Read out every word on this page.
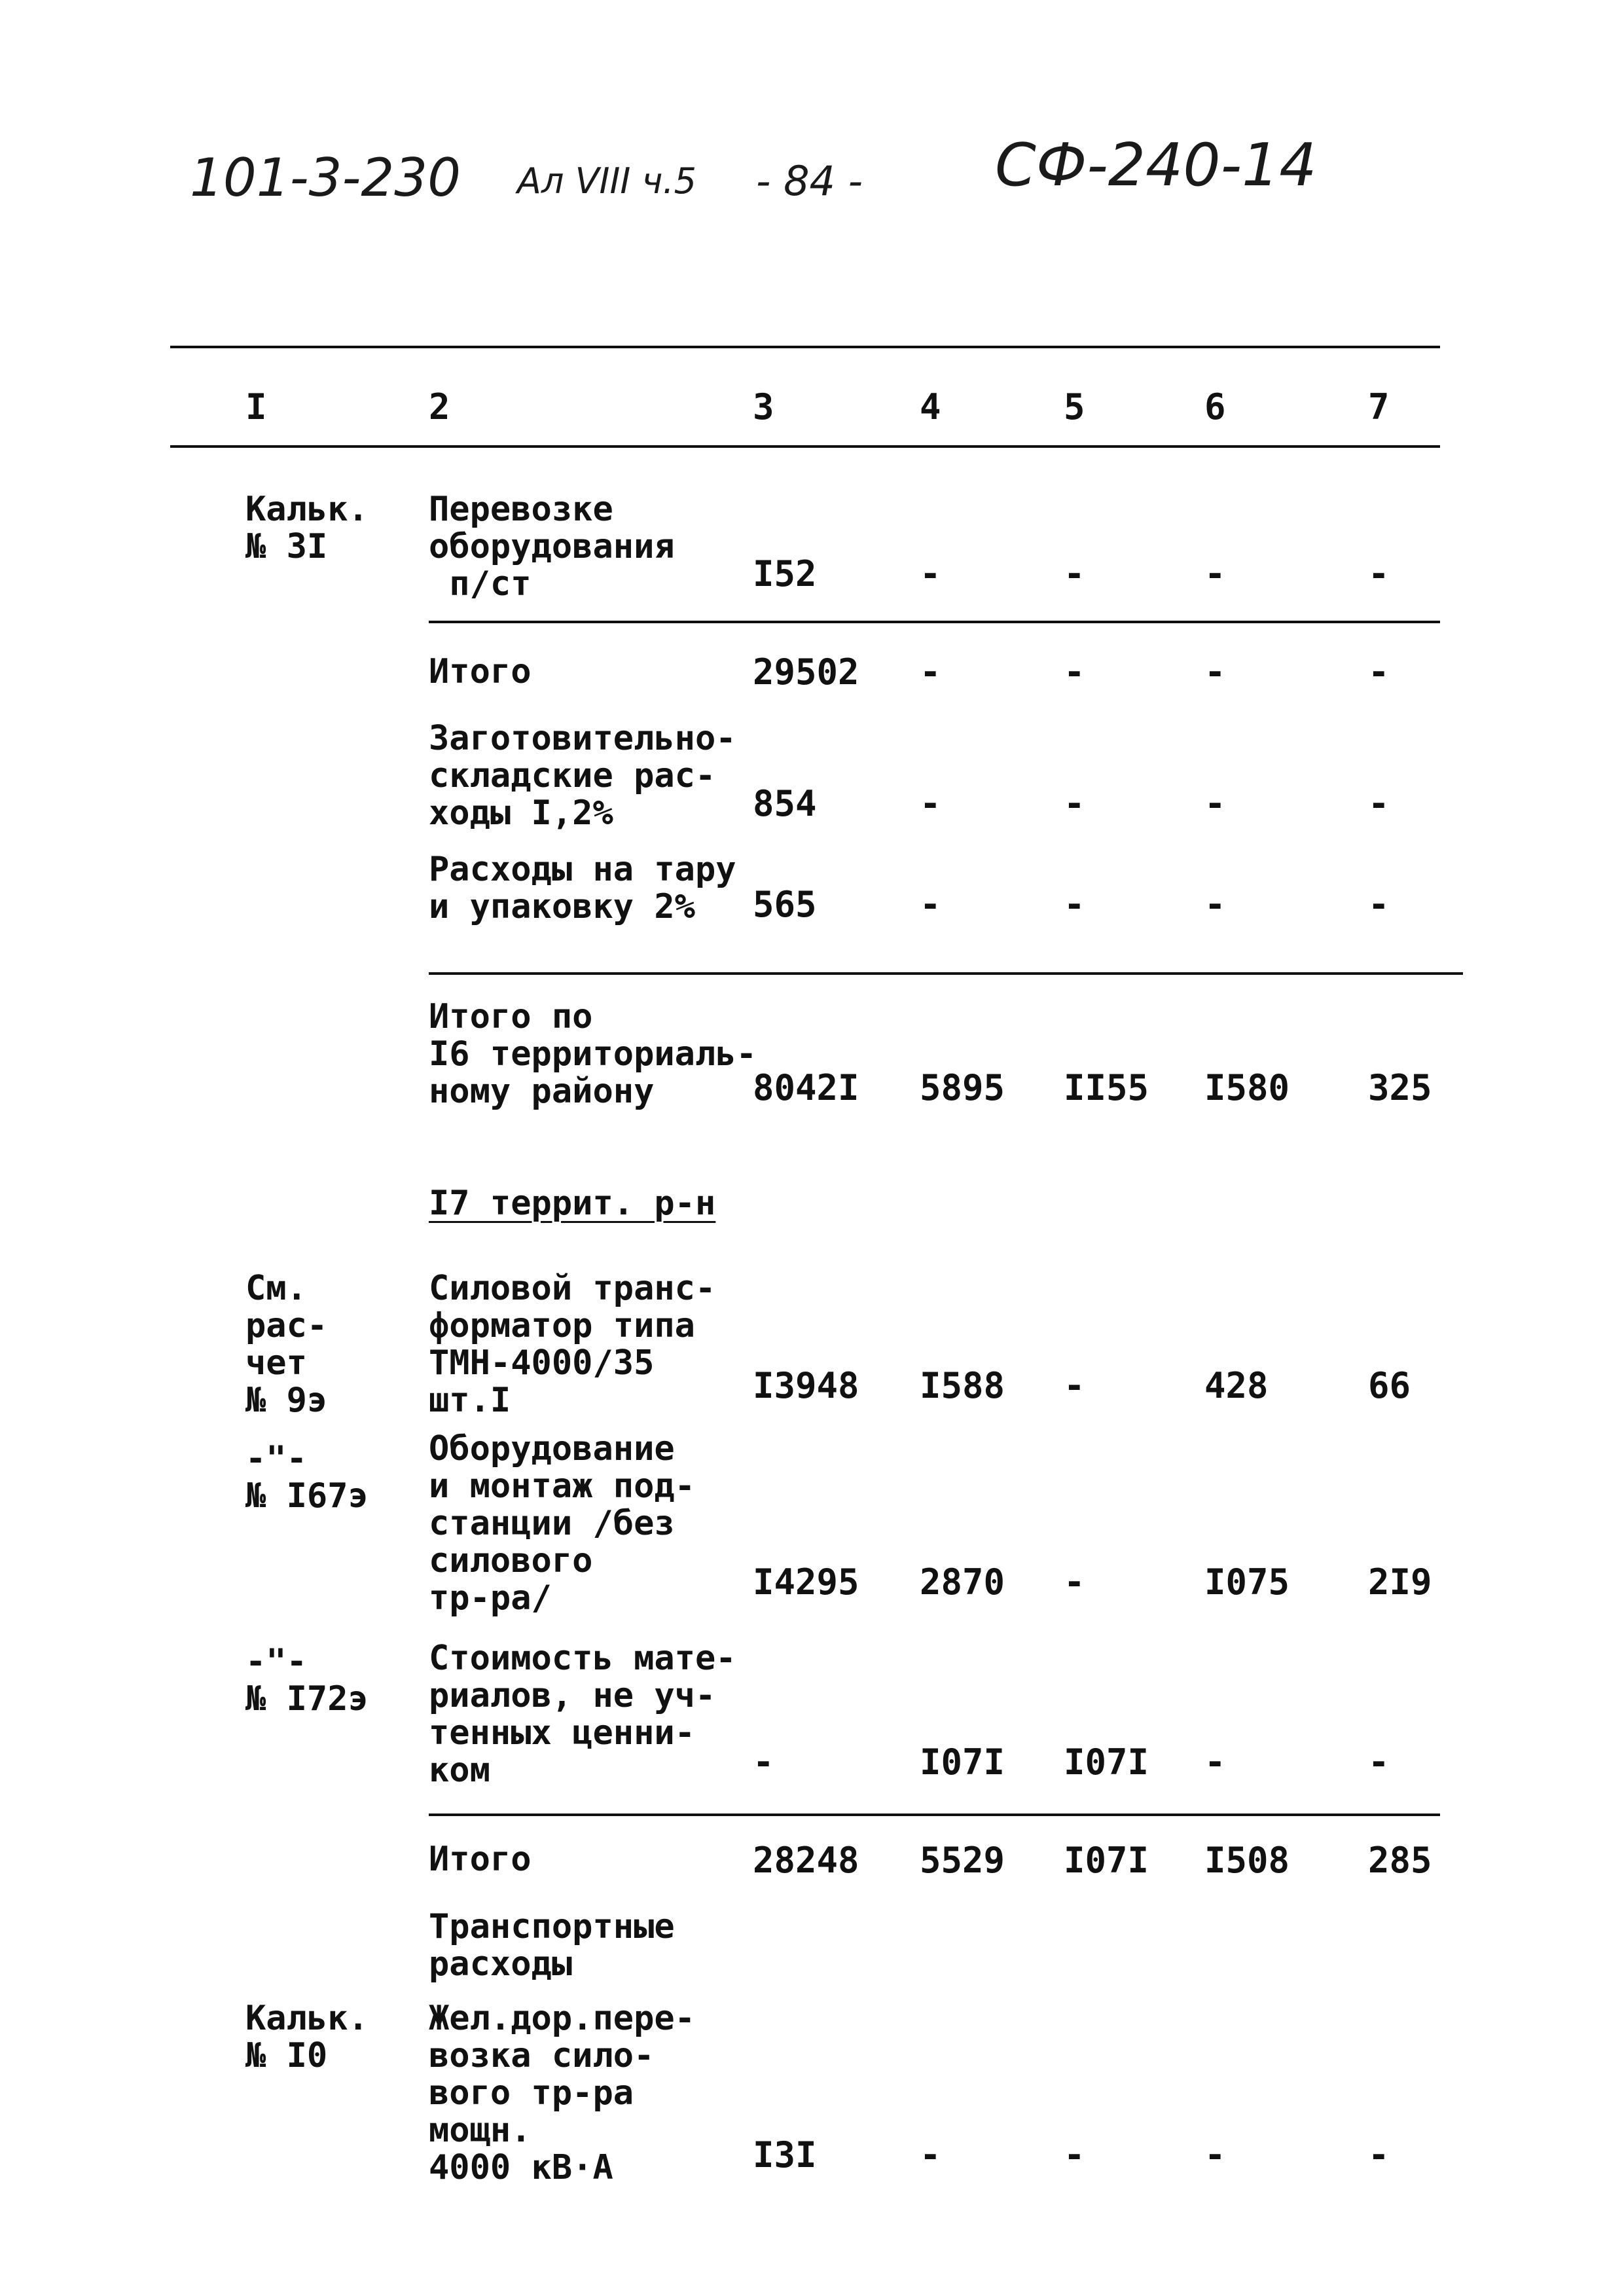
101-3-230 Ал VIII ч.5 - 84 - СФ-240-14
I	2	3	4	5	6	7
Кальк.
№ 3I
Перевозке
оборудования
п/ст	I52	-	-	-	-
Итого	29502 -	-	-	-
Заготовительно-
складские рас-
ходы I,2%	854	-	-	-	-
Расходы на тару
и упаковку 2%	565	-	-	-	-
Итого по
I6 территориаль-
ному району	8042I 5895 II55 I580 325
I7 террит. р-н
См.
рас-
чет
№ 9э
Силовой транс-
форматор типа
ТМН-4000/35
шт.I	I3948 I588 -	428	66
-"-
№ I67э
Оборудование
и монтаж под-
станции /без
силового
тр-ра/	I4295 2870 -	I075 2I9
-"-
№ I72э
Стоимость мате-
риалов, не уч-
тенных ценни-
ком	-	I07I I07I -	-
Итого	28248 5529 I07I I508 285
Транспортные
расходы
Кальк.
№ I0
Жел.дор.пере-
возка сило-
вого тр-ра
мощн.
4000 кВ·А	I3I	-	-	-	-
